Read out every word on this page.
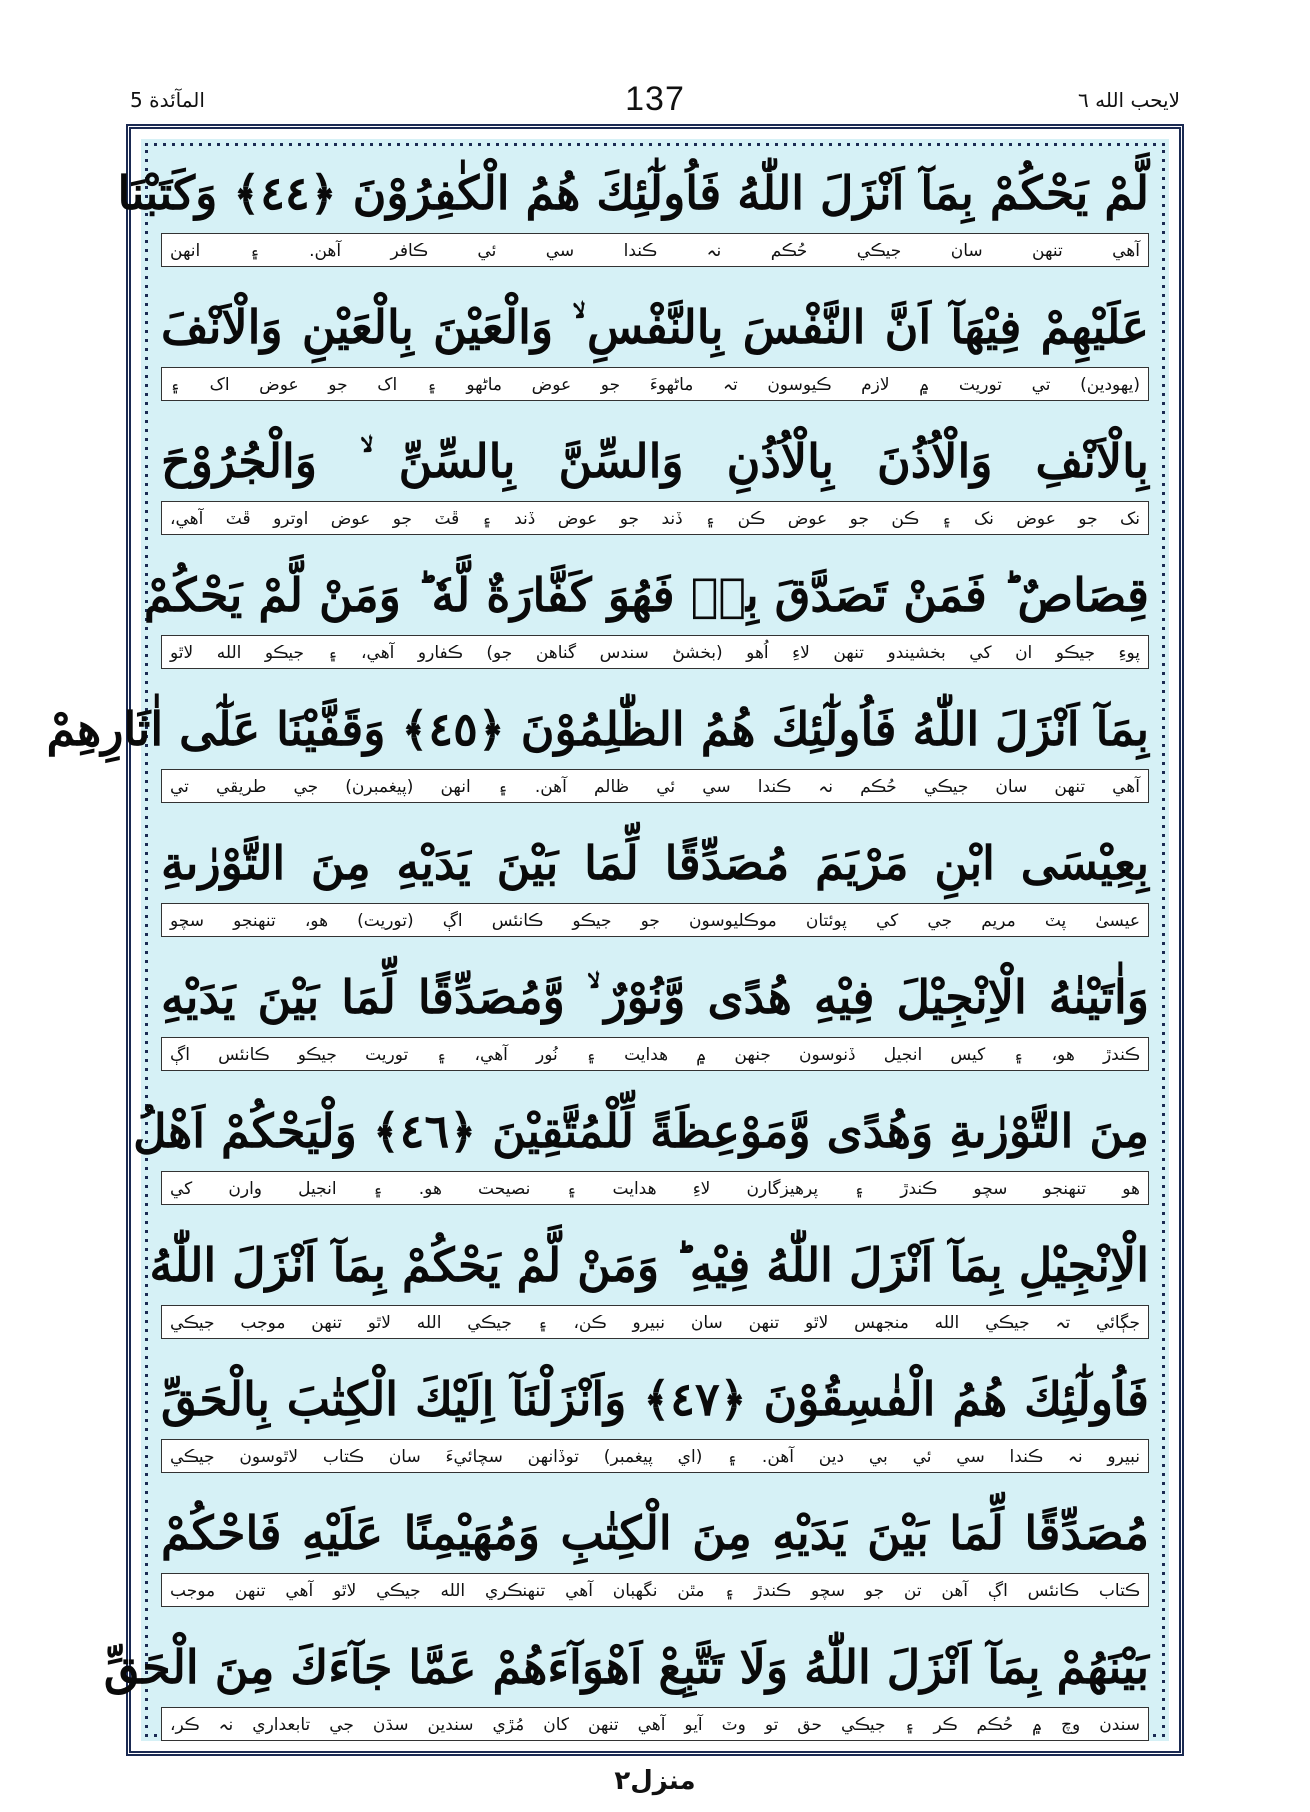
المآئدة 5	137	لايحب الله ٦
لَّمْ يَحْكُمْ بِمَآ اَنْزَلَ اللّٰهُ فَاُولٰٓئِكَ هُمُ الْكٰفِرُوْنَ ﴿٤٤﴾ وَكَتَبْنَا
آهي تنهن سان جيڪي حُڪم نہ ڪندا سي ئي ڪافر آهن. ۽ انهن
عَلَيْهِمْ فِيْهَآ اَنَّ النَّفْسَ بِالنَّفْسِ ۙ وَالْعَيْنَ بِالْعَيْنِ وَالْاَنْفَ
(يهودين) تي توريت ۾ لازم ڪيوسون تہ ماڻهوءَ جو عوض ماڻهو ۽ اک جو عوض اک ۽
بِالْاَنْفِ وَالْاُذُنَ بِالْاُذُنِ وَالسِّنَّ بِالسِّنِّ ۙ وَالْجُرُوْحَ
نک جو عوض نک ۽ ڪن جو عوض ڪن ۽ ڏند جو عوض ڏند ۽ ڦٽ جو عوض اوترو ڦٽ آهي،
قِصَاصٌ ؕ فَمَنْ تَصَدَّقَ بِهٖ فَهُوَ كَفَّارَةٌ لَّهٗ ؕ وَمَنْ لَّمْ يَحْكُمْ
پوءِ جيڪو ان کي بخشيندو تنهن لاءِ اُهو (بخشڻ سندس گناهن جو) ڪفارو آهي، ۽ جيڪو الله لاٿو
بِمَآ اَنْزَلَ اللّٰهُ فَاُولٰٓئِكَ هُمُ الظّٰلِمُوْنَ ﴿٤٥﴾ وَقَفَّيْنَا عَلٰٓى اٰثَارِهِمْ
آهي تنهن سان جيڪي حُڪم نہ ڪندا سي ئي ظالم آهن. ۽ انهن (پيغمبرن) جي طريقي تي
بِعِيْسَى ابْنِ مَرْيَمَ مُصَدِّقًا لِّمَا بَيْنَ يَدَيْهِ مِنَ التَّوْرٰىةِ
عيسىٰ پٽ مريم جي کي پوئتان موڪليوسون جو جيڪو ڪانئس اڳ (توريت) هو، تنهنجو سچو
وَاٰتَيْنٰهُ الْاِنْجِيْلَ فِيْهِ هُدًى وَّنُوْرٌ ۙ وَّمُصَدِّقًا لِّمَا بَيْنَ يَدَيْهِ
ڪندڙ هو، ۽ کيس انجيل ڏنوسون جنهن ۾ هدايت ۽ نُور آهي، ۽ توريت جيڪو ڪانئس اڳ
مِنَ التَّوْرٰىةِ وَهُدًى وَّمَوْعِظَةً لِّلْمُتَّقِيْنَ ﴿٤٦﴾ وَلْيَحْكُمْ اَهْلُ
هو تنهنجو سچو ڪندڙ ۽ پرهيزگارن لاءِ هدايت ۽ نصيحت هو. ۽ انجيل وارن کي
الْاِنْجِيْلِ بِمَآ اَنْزَلَ اللّٰهُ فِيْهِ ؕ وَمَنْ لَّمْ يَحْكُمْ بِمَآ اَنْزَلَ اللّٰهُ
جڳائي تہ جيڪي الله منجهس لاٿو تنهن سان نبيرو ڪن، ۽ جيڪي الله لاٿو تنهن موجب جيڪي
فَاُولٰٓئِكَ هُمُ الْفٰسِقُوْنَ ﴿٤٧﴾ وَاَنْزَلْنَآ اِلَيْكَ الْكِتٰبَ بِالْحَقِّ
نبيرو نہ ڪندا سي ئي بي دين آهن. ۽ (اي پيغمبر) توڏانهن سچائيءَ سان ڪتاب لاٿوسون جيڪي
مُصَدِّقًا لِّمَا بَيْنَ يَدَيْهِ مِنَ الْكِتٰبِ وَمُهَيْمِنًا عَلَيْهِ فَاحْكُمْ
ڪتاب ڪانئس اڳ آهن تن جو سچو ڪندڙ ۽ مٿن نگهبان آهي تنهنڪري الله جيڪي لاٿو آهي تنهن موجب
بَيْنَهُمْ بِمَآ اَنْزَلَ اللّٰهُ وَلَا تَتَّبِعْ اَهْوَآءَهُمْ عَمَّا جَآءَكَ مِنَ الْحَقِّ
سندن وچ ۾ حُڪم ڪر ۽ جيڪي حق تو وٽ آيو آهي تنهن کان مُڙي سندين سڌن جي تابعداري نہ ڪر،
منزل٢
